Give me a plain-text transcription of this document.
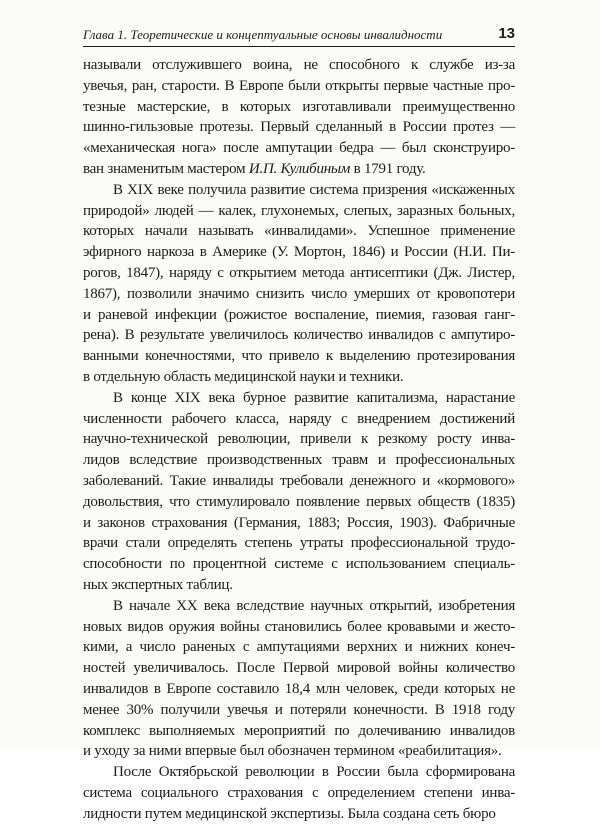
Глава 1. Теоретические и концептуальные основы инвалидности	13
называли отслужившего воина, не способного к службе из-за
увечья, ран, старости. В Европе были открыты первые частные про-
тезные мастерские, в которых изготавливали преимущественно
шинно-гильзовые протезы. Первый сделанный в России протез —
«механическая нога» после ампутации бедра — был сконструиро-
ван знаменитым мастером И.П. Кулибиным в 1791 году.
В XIX веке получила развитие система призрения «искаженных
природой» людей — калек, глухонемых, слепых, заразных больных,
которых начали называть «инвалидами». Успешное применение
эфирного наркоза в Америке (У. Мортон, 1846) и России (Н.И. Пи-
рогов, 1847), наряду с открытием метода антисептики (Дж. Листер,
1867), позволили значимо снизить число умерших от кровопотери
и раневой инфекции (рожистое воспаление, пиемия, газовая ганг-
рена). В результате увеличилось количество инвалидов с ампутиро-
ванными конечностями, что привело к выделению протезирования
в отдельную область медицинской науки и техники.
В конце XIX века бурное развитие капитализма, нарастание
численности рабочего класса, наряду с внедрением достижений
научно-технической революции, привели к резкому росту инва-
лидов вследствие производственных травм и профессиональных
заболеваний. Такие инвалиды требовали денежного и «кормового»
довольствия, что стимулировало появление первых обществ (1835)
и законов страхования (Германия, 1883; Россия, 1903). Фабричные
врачи стали определять степень утраты профессиональной трудо-
способности по процентной системе с использованием специаль-
ных экспертных таблиц.
В начале XX века вследствие научных открытий, изобретения
новых видов оружия войны становились более кровавыми и жесто-
кими, а число раненых с ампутациями верхних и нижних конеч-
ностей увеличивалось. После Первой мировой войны количество
инвалидов в Европе составило 18,4 млн человек, среди которых не
менее 30% получили увечья и потеряли конечности. В 1918 году
комплекс выполняемых мероприятий по долечиванию инвалидов
и уходу за ними впервые был обозначен термином «реабилитация».
После Октябрьской революции в России была сформирована
система социального страхования с определением степени инва-
лидности путем медицинской экспертизы. Была создана сеть бюро
